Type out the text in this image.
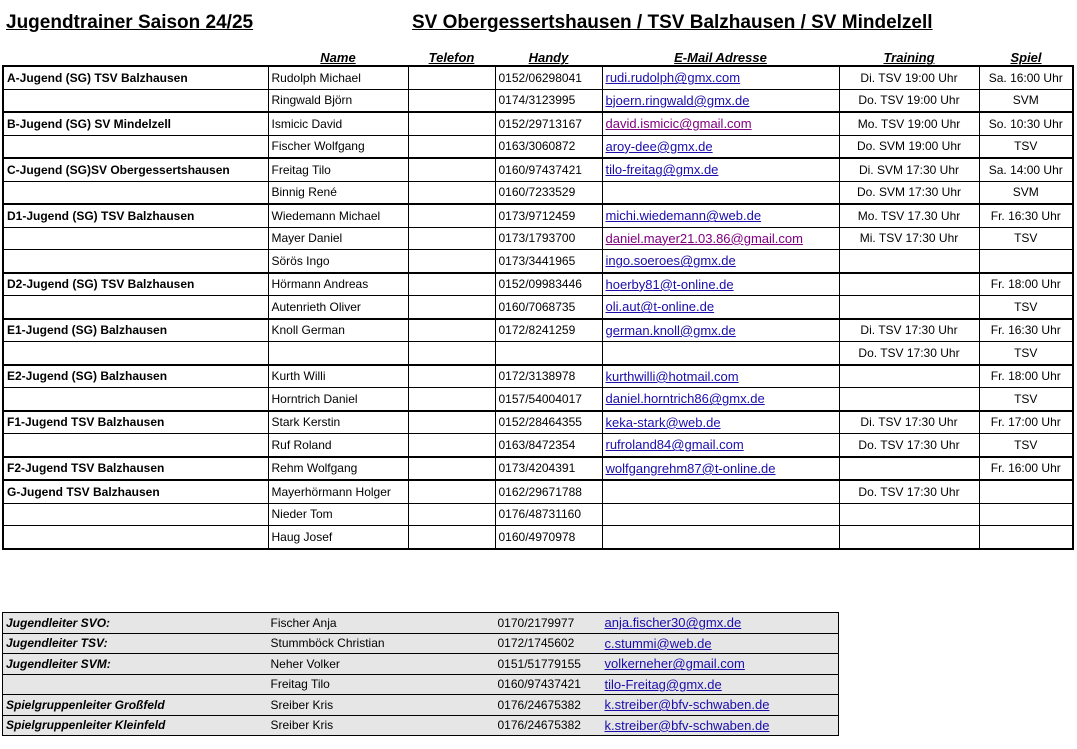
Jugendtrainer Saison 24/25	SV Obergessertshausen / TSV Balzhausen / SV Mindelzell
	Name	Telefon	Handy	E-Mail Adresse	Training	Spiel
A-Jugend (SG) TSV Balzhausen	Rudolph Michael		0152/06298041	rudi.rudolph@gmx.com	Di. TSV 19:00 Uhr	Sa. 16:00 Uhr
	Ringwald Björn		0174/3123995	bjoern.ringwald@gmx.de	Do. TSV 19:00 Uhr	SVM
B-Jugend (SG) SV Mindelzell	Ismicic David		0152/29713167	david.ismicic@gmail.com	Mo. TSV 19:00 Uhr	So. 10:30 Uhr
	Fischer Wolfgang		0163/3060872	aroy-dee@gmx.de	Do. SVM 19:00 Uhr	TSV
C-Jugend (SG)SV Obergessertshausen	Freitag Tilo		0160/97437421	tilo-freitag@gmx.de	Di. SVM 17:30 Uhr	Sa. 14:00 Uhr
	Binnig René		0160/7233529		Do. SVM 17:30 Uhr	SVM
D1-Jugend (SG) TSV Balzhausen	Wiedemann Michael		0173/9712459	michi.wiedemann@web.de	Mo. TSV 17.30 Uhr	Fr. 16:30 Uhr
	Mayer Daniel		0173/1793700	daniel.mayer21.03.86@gmail.com	Mi. TSV 17:30 Uhr	TSV
	Sörös Ingo		0173/3441965	ingo.soeroes@gmx.de		
D2-Jugend (SG) TSV Balzhausen	Hörmann Andreas		0152/09983446	hoerby81@t-online.de		Fr. 18:00 Uhr
	Autenrieth Oliver		0160/7068735	oli.aut@t-online.de		TSV
E1-Jugend (SG) Balzhausen	Knoll German		0172/8241259	german.knoll@gmx.de	Di. TSV 17:30 Uhr	Fr. 16:30 Uhr
					Do. TSV 17:30 Uhr	TSV
E2-Jugend (SG) Balzhausen	Kurth Willi		0172/3138978	kurthwilli@hotmail.com		Fr. 18:00 Uhr
	Horntrich Daniel		0157/54004017	daniel.horntrich86@gmx.de		TSV
F1-Jugend TSV Balzhausen	Stark Kerstin		0152/28464355	keka-stark@web.de	Di. TSV 17:30 Uhr	Fr. 17:00 Uhr
	Ruf Roland		0163/8472354	rufroland84@gmail.com	Do. TSV 17:30 Uhr	TSV
F2-Jugend TSV Balzhausen	Rehm Wolfgang		0173/4204391	wolfgangrehm87@t-online.de		Fr. 16:00 Uhr
G-Jugend TSV Balzhausen	Mayerhörmann Holger		0162/29671788		Do. TSV 17:30 Uhr	
	Nieder Tom		0176/48731160			
	Haug Josef		0160/4970978			
Jugendleiter SVO:	Fischer Anja	0170/2179977	anja.fischer30@gmx.de
Jugendleiter TSV:	Stummböck Christian	0172/1745602	c.stummi@web.de
Jugendleiter SVM:	Neher Volker	0151/51779155	volkerneher@gmail.com
	Freitag Tilo	0160/97437421	tilo-Freitag@gmx.de
Spielgruppenleiter Großfeld	Sreiber Kris	0176/24675382	k.streiber@bfv-schwaben.de
Spielgruppenleiter Kleinfeld	Sreiber Kris	0176/24675382	k.streiber@bfv-schwaben.de
